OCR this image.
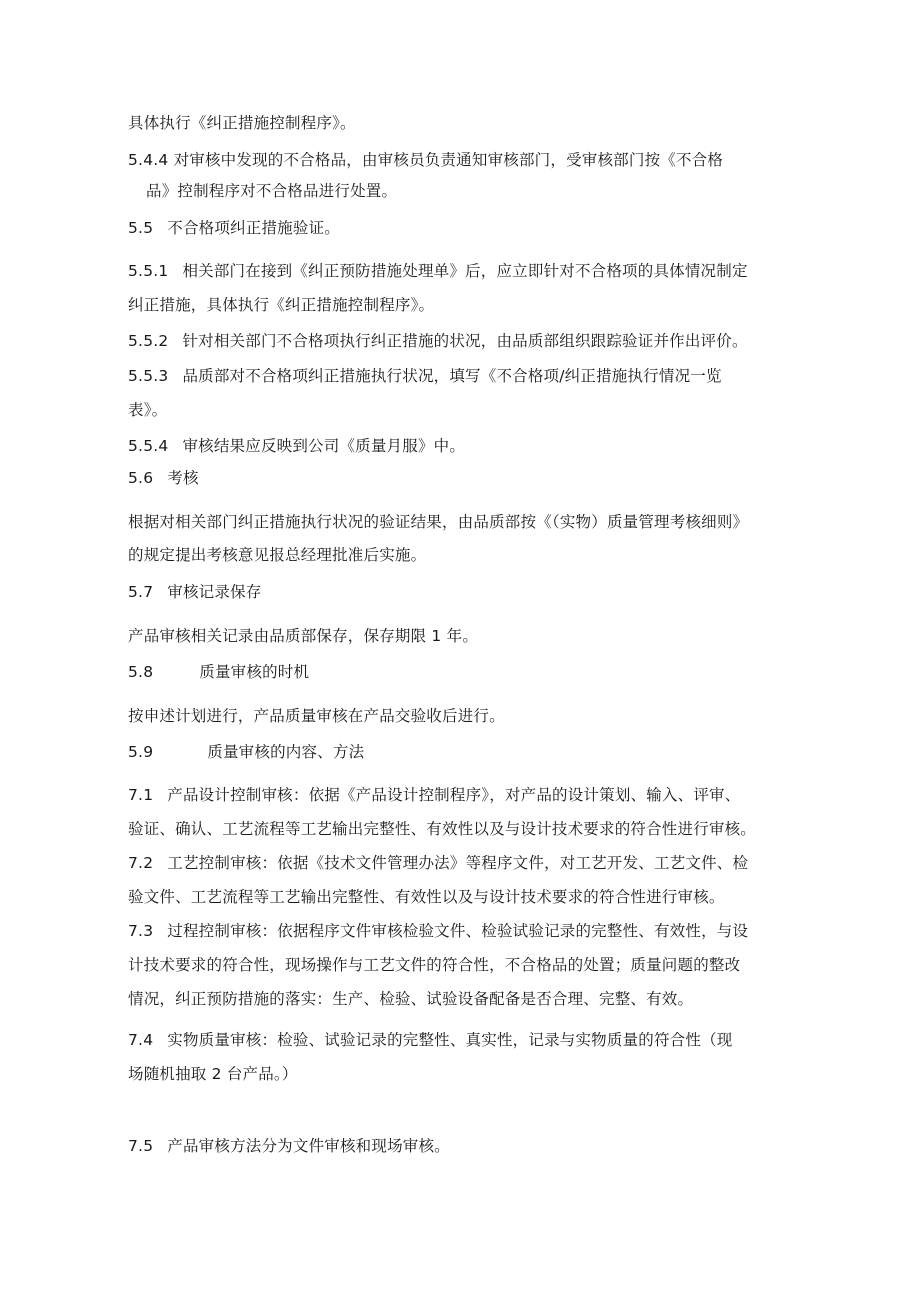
具体执行《纠正措施控制程序》。
5.4.4 对审核中发现的不合格品，由审核员负责通知审核部门，受审核部门按《不合格
品》控制程序对不合格品进行处置。
5.5 不合格项纠正措施验证。
5.5.1 相关部门在接到《纠正预防措施处理单》后，应立即针对不合格项的具体情况制定
纠正措施，具体执行《纠正措施控制程序》。
5.5.2 针对相关部门不合格项执行纠正措施的状况，由品质部组织跟踪验证并作出评价。
5.5.3 品质部对不合格项纠正措施执行状况，填写《不合格项/纠正措施执行情况一览
表》。
5.5.4 审核结果应反映到公司《质量月服》中。
5.6 考核
根据对相关部门纠正措施执行状况的验证结果，由品质部按《（实物）质量管理考核细则》
的规定提出考核意见报总经理批准后实施。
5.7 审核记录保存
产品审核相关记录由品质部保存，保存期限 1 年。
5.8	质量审核的时机
按申述计划进行，产品质量审核在产品交验收后进行。
5.9	质量审核的内容、方法
7.1 产品设计控制审核：依据《产品设计控制程序》，对产品的设计策划、输入、评审、
验证、确认、工艺流程等工艺输出完整性、有效性以及与设计技术要求的符合性进行审核。
7.2 工艺控制审核：依据《技术文件管理办法》等程序文件，对工艺开发、工艺文件、检
验文件、工艺流程等工艺输出完整性、有效性以及与设计技术要求的符合性进行审核。
7.3 过程控制审核：依据程序文件审核检验文件、检验试验记录的完整性、有效性，与设
计技术要求的符合性，现场操作与工艺文件的符合性，不合格品的处置；质量问题的整改
情况，纠正预防措施的落实：生产、检验、试验设备配备是否合理、完整、有效。
7.4 实物质量审核：检验、试验记录的完整性、真实性，记录与实物质量的符合性（现
场随机抽取 2 台产品。）
7.5 产品审核方法分为文件审核和现场审核。
